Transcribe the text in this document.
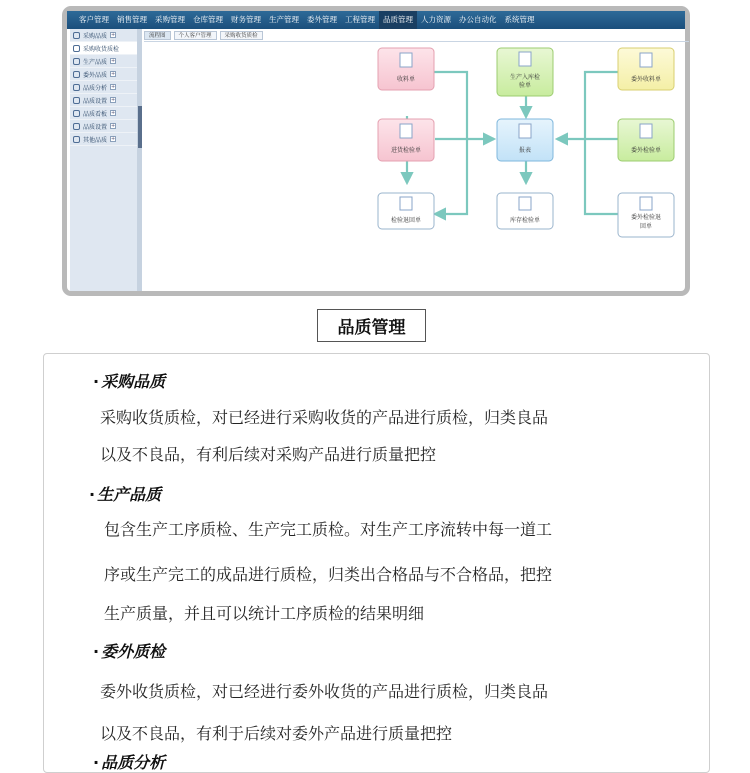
客户管理	销售管理	采购管理	仓库管理	财务管理	生产管理	委外管理	工程管理	品质管理	人力资源	办公自动化	系统管理
采购品质 +
采购收货质检
生产品质 +
委外品质 +
品质分析 +
品质设置 +
品质看板 +
品质设置 +
其他品质 +
流程图	个人客户管理	采购收货质检
收料单	生产入库检
验单
委外收料单
进货检验单	报表	委外检验单
检验退回单	库存检验单	委外检验退
回单
品质管理
· 采购品质
采购收货质检，对已经进行采购收货的产品进行质检，归类良品
以及不良品，有利后续对采购产品进行质量把控
· 生产品质
包含生产工序质检、生产完工质检。对生产工序流转中每一道工
序或生产完工的成品进行质检，归类出合格品与不合格品，把控
生产质量，并且可以统计工序质检的结果明细
· 委外质检
委外收货质检，对已经进行委外收货的产品进行质检，归类良品
以及不良品，有利于后续对委外产品进行质量把控
· 品质分析
